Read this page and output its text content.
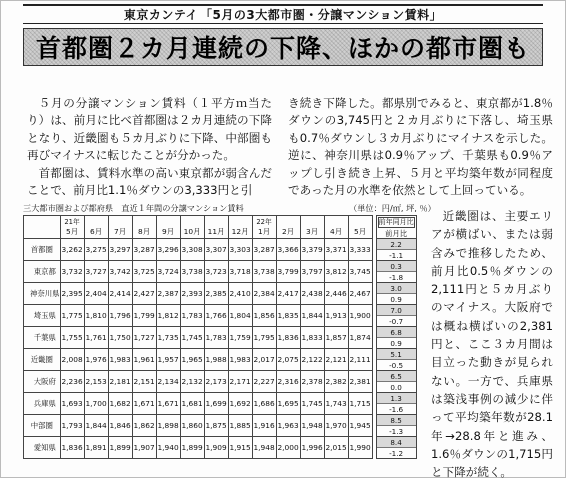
東京カンテイ 「5月の3大都市圏・分譲マンション賃料」
首都圏２カ月連続の下降、ほかの都市圏も

５月の分譲マンション賃料（１平方ｍ当たり）は、前月に比べ首都圏は２カ月連続の下降となり、近畿圏も５カ月ぶりに下降、中部圏も再びマイナスに転じたことが分かった。

首都圏は、賃料水準の高い東京都が弱含んだことで、前月比1.1％ダウンの3,333円と引

き続き下降した。都県別でみると、東京都が1.8％ダウンの3,745円と２カ月ぶりに下落し、埼玉県も0.7％ダウンし３カ月ぶりにマイナスを示した。逆に、神奈川県は0.9％アップ、千葉県も0.9％アップし引き続き上昇、５月と平均築年数が同程度であった月の水準を依然として上回っている。

近畿圏は、主要エリアが横ばい、または弱含みで推移したため、前月比0.5％ダウンの2,111円と５カ月ぶりのマイナス。大阪府では概ね横ばいの2,381円と、ここ３カ月間は目立った動きが見られない。一方で、兵庫県は築浅事例の減少に伴って平均築年数が28.1年→28.8年と進み、1.6％ダウンの1,715円と下降が続く。

三大都市圏および都府県　直近１年間の分譲マンション賃料	（単位：円/㎡, 坪, ％）

	21年
5月	6月	7月	8月	9月	10月	11月	12月	22年
1月	2月	3月	4月	5月		前年同月比
前月比
首都圏	3,262	3,275	3,297	3,287	3,296	3,308	3,307	3,303	3,287	3,366	3,379	3,371	3,333		2.2
-1.1

東京都	3,732	3,727	3,742	3,725	3,724	3,738	3,723	3,718	3,738	3,799	3,797	3,812	3,745		0.3
-1.8

神奈川県	2,395	2,404	2,414	2,427	2,387	2,393	2,385	2,410	2,384	2,417	2,438	2,446	2,467		3.0
0.9

埼玉県	1,775	1,810	1,796	1,799	1,812	1,783	1,766	1,804	1,856	1,835	1,844	1,913	1,900		7.0
-0.7

千葉県	1,755	1,761	1,750	1,727	1,735	1,745	1,783	1,759	1,795	1,836	1,833	1,857	1,874		6.8
0.9

近畿圏	2,008	1,976	1,983	1,961	1,957	1,965	1,988	1,983	2,017	2,075	2,122	2,121	2,111		5.1
-0.5

大阪府	2,236	2,153	2,181	2,151	2,134	2,132	2,173	2,171	2,227	2,316	2,378	2,382	2,381		6.5
0.0

兵庫県	1,693	1,700	1,682	1,671	1,671	1,681	1,699	1,692	1,686	1,695	1,745	1,743	1,715		1.3
-1.6

中部圏	1,793	1,844	1,846	1,862	1,898	1,860	1,875	1,885	1,916	1,963	1,948	1,970	1,945		8.5
-1.3

愛知県	1,836	1,891	1,899	1,907	1,940	1,899	1,909	1,915	1,948	2,000	1,996	2,015	1,990		8.4
-1.2
